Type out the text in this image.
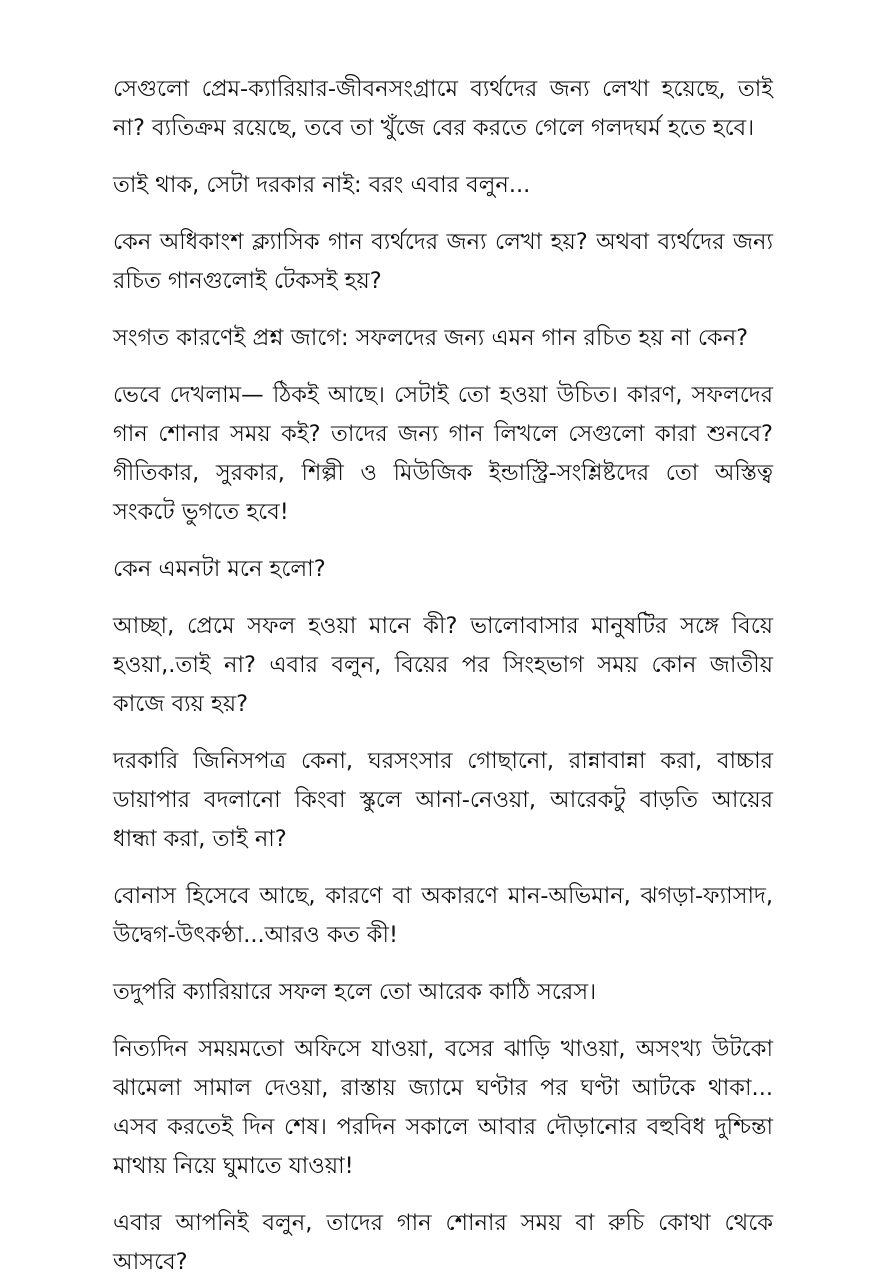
সেগুলো প্রেম-ক্যারিয়ার-জীবনসংগ্রামে ব্যর্থদের জন্য লেখা হয়েছে, তাই না? ব্যতিক্রম রয়েছে, তবে তা খুঁজে বের করতে গেলে গলদঘর্ম হতে হবে।

তাই থাক, সেটা দরকার নাই: বরং এবার বলুন...

কেন অধিকাংশ ক্ল্যাসিক গান ব্যর্থদের জন্য লেখা হয়? অথবা ব্যর্থদের জন্য রচিত গানগুলোই টেকসই হয়?

সংগত কারণেই প্রশ্ন জাগে: সফলদের জন্য এমন গান রচিত হয় না কেন?

ভেবে দেখলাম— ঠিকই আছে। সেটাই তো হওয়া উচিত। কারণ, সফলদের গান শোনার সময় কই? তাদের জন্য গান লিখলে সেগুলো কারা শুনবে? গীতিকার, সুরকার, শিল্পী ও মিউজিক ইন্ডাস্ট্রি-সংশ্লিষ্টদের তো অস্তিত্ব সংকটে ভুগতে হবে!

কেন এমনটা মনে হলো?

আচ্ছা, প্রেমে সফল হওয়া মানে কী? ভালোবাসার মানুষটির সঙ্গে বিয়ে হওয়া,.তাই না? এবার বলুন, বিয়ের পর সিংহভাগ সময় কোন জাতীয় কাজে ব্যয় হয়?

দরকারি জিনিসপত্র কেনা, ঘরসংসার গোছানো, রান্নাবান্না করা, বাচ্চার ডায়াপার বদলানো কিংবা স্কুলে আনা-নেওয়া, আরেকটু বাড়তি আয়ের ধান্ধা করা, তাই না?

বোনাস হিসেবে আছে, কারণে বা অকারণে মান-অভিমান, ঝগড়া-ফ্যাসাদ, উদ্বেগ-উৎকণ্ঠা...আরও কত কী!

তদুপরি ক্যারিয়ারে সফল হলে তো আরেক কাঠি সরেস।

নিত্যদিন সময়মতো অফিসে যাওয়া, বসের ঝাড়ি খাওয়া, অসংখ্য উটকো ঝামেলা সামাল দেওয়া, রাস্তায় জ্যামে ঘণ্টার পর ঘণ্টা আটকে থাকা... এসব করতেই দিন শেষ। পরদিন সকালে আবার দৌড়ানোর বহুবিধ দুশ্চিন্তা মাথায় নিয়ে ঘুমাতে যাওয়া!

এবার আপনিই বলুন, তাদের গান শোনার সময় বা রুচি কোথা থেকে আসবে?
